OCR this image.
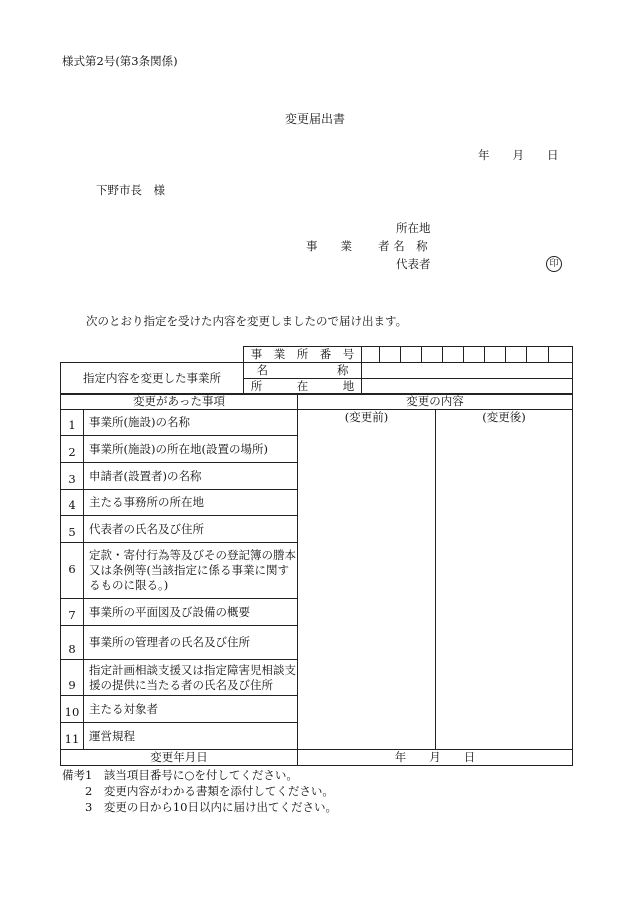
様式第2号(第3条関係)
変更届出書
年　　月　　日
下野市長　様
所在地
事　　業 者 名　称
代表者	印
次のとおり指定を受けた内容を変更しましたので届け出ます。
	事　業　所　番　号										
指定内容を変更した事業所	名　　　　　　称										
	所　　　在　　　地										
変更があった事項		変更の内容	
1	事業所(施設)の名称	(変更前)	(変更後)

2	事業所(施設)の所在地(設置の場所)		
3	申請者(設置者)の名称		
4	主たる事務所の所在地		
5	代表者の氏名及び住所		
6	定款・寄付行為等及びその登記簿の謄本又は条例等(当該指定に係る事業に関するものに限る。)		
7	事業所の平面図及び設備の概要		
8	事業所の管理者の氏名及び住所		
9	指定計画相談支援又は指定障害児相談支援の提供に当たる者の氏名及び住所		
10	主たる対象者		
11	運営規程		
変更年月日		年　　月　　日	
備考1　該当項目番号に○を付してください。
　　2　変更内容がわかる書類を添付してください。
　　3　変更の日から10日以内に届け出てください。
